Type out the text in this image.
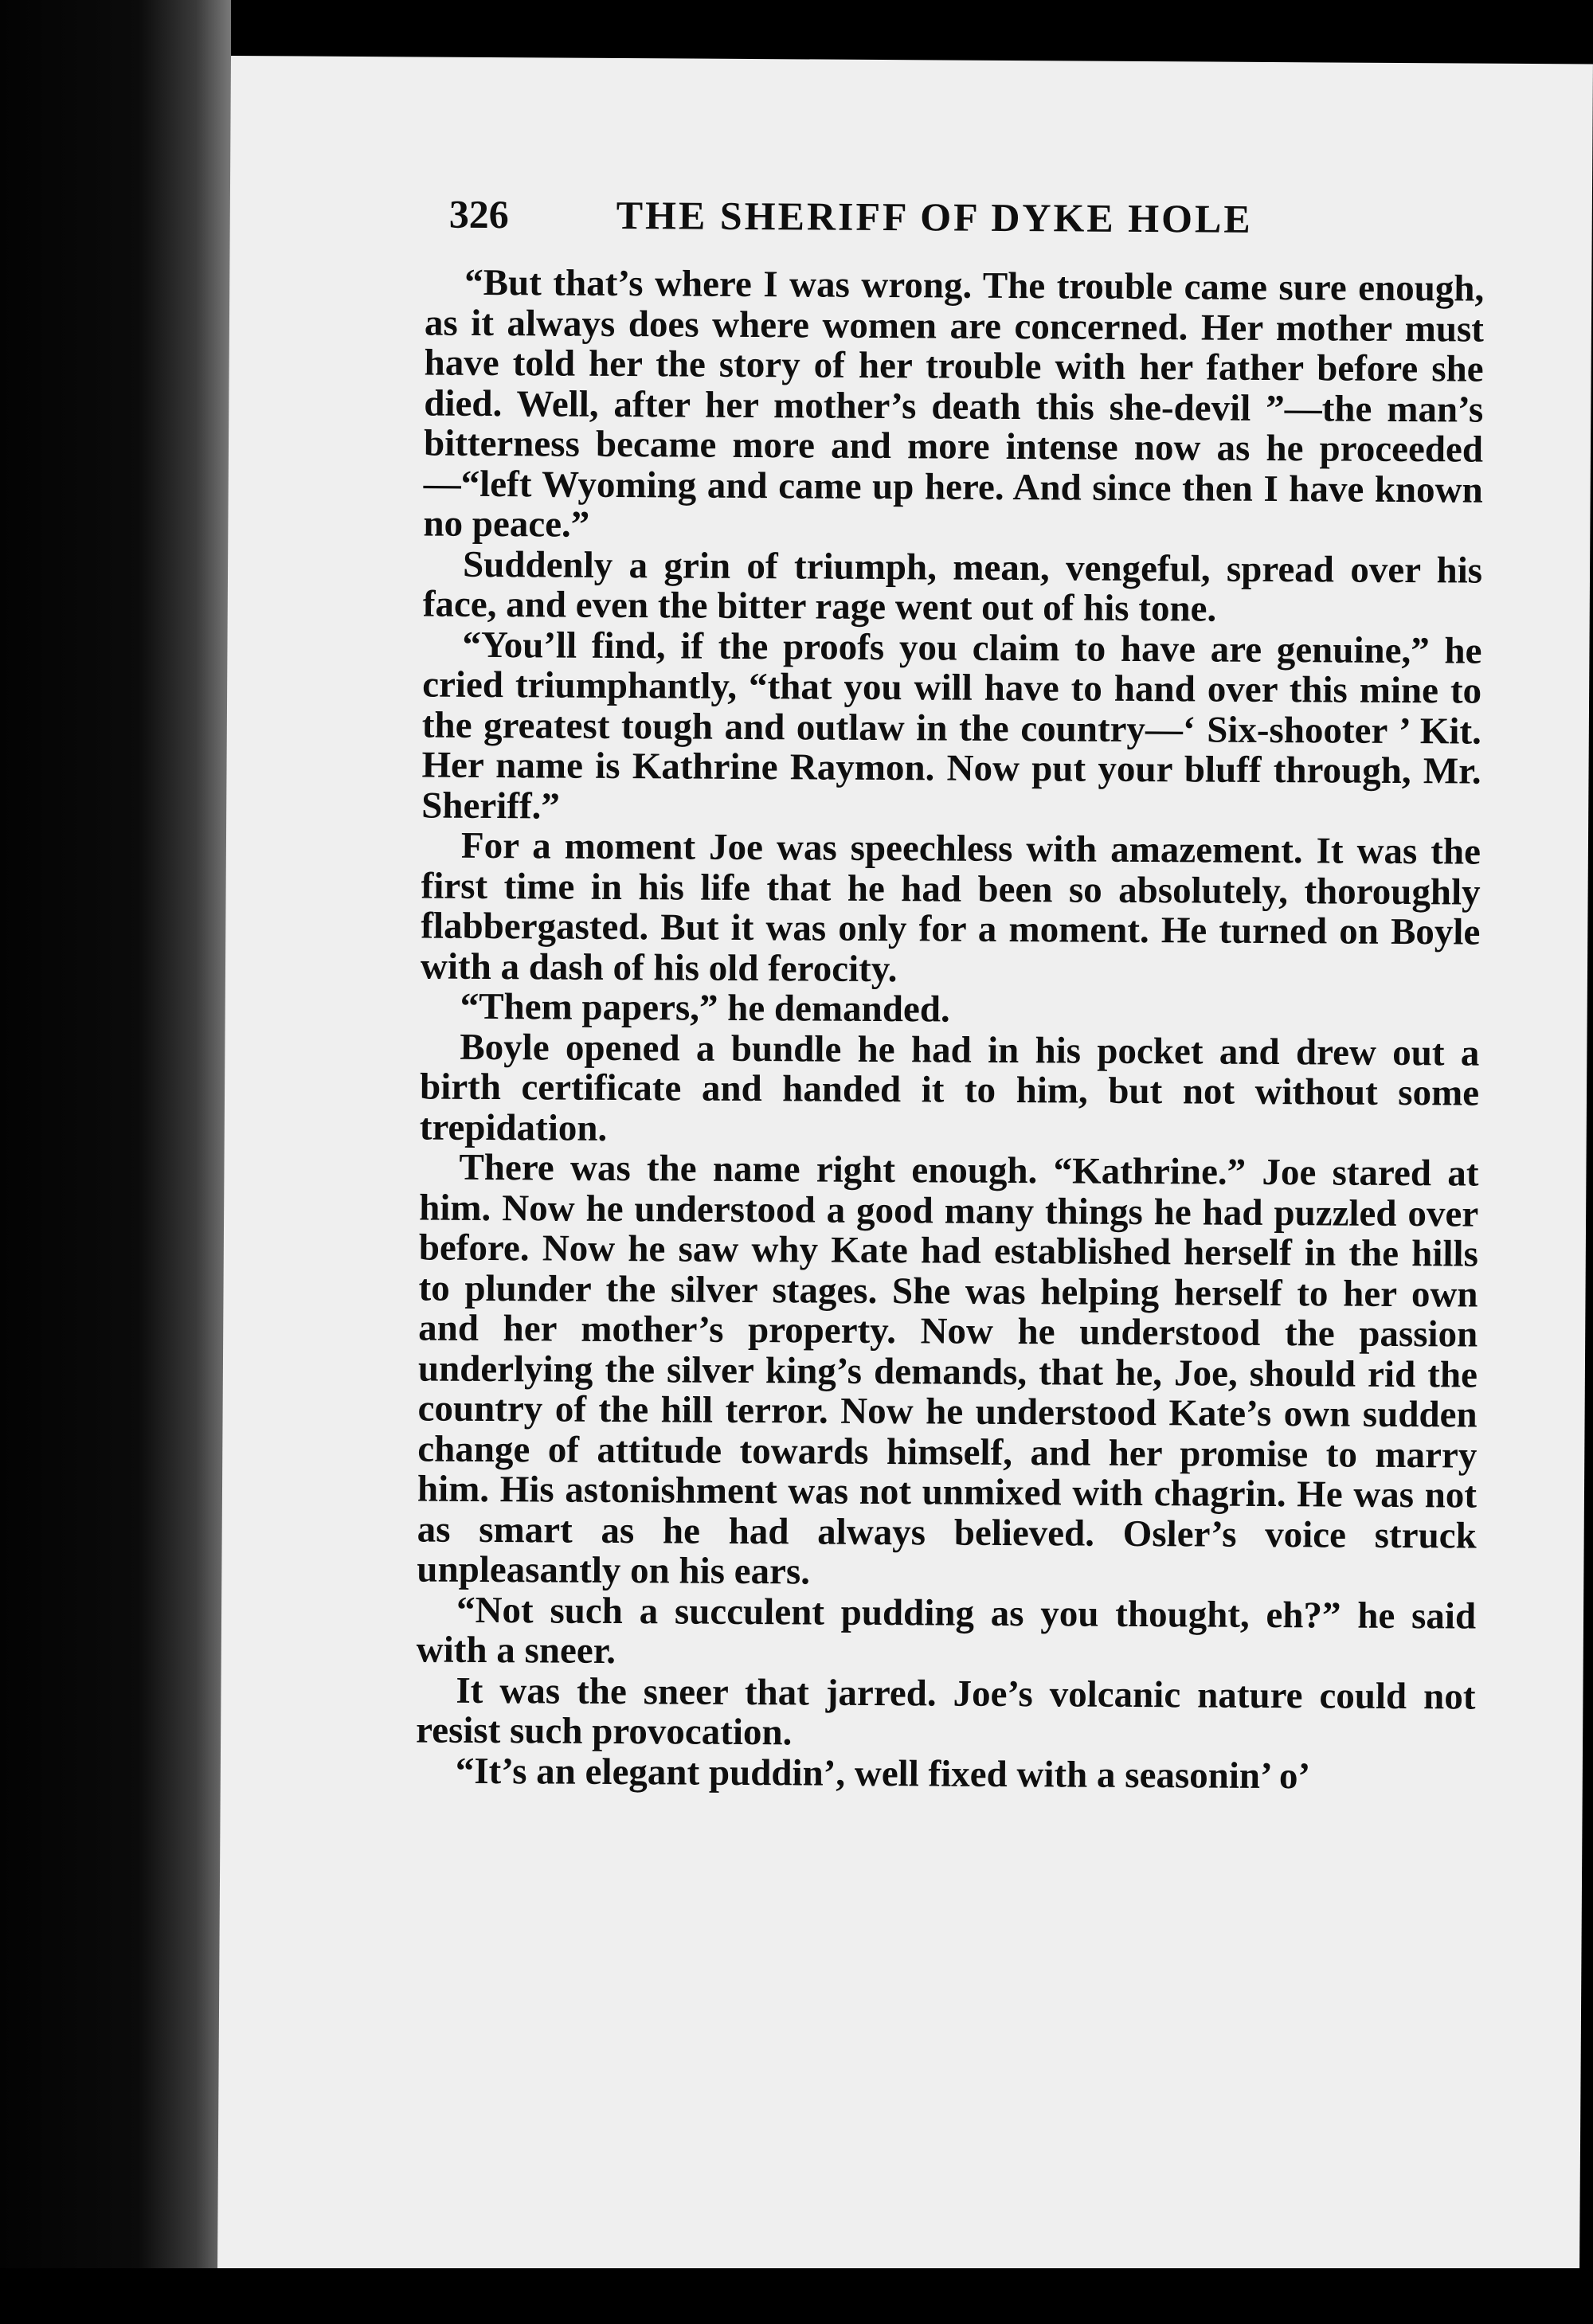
326	THE SHERIFF OF DYKE HOLE

“But that’s where I was wrong. The trouble came sure enough, as it always does where women are concerned. Her mother must have told her the story of her trouble with her father before she died. Well, after her mother’s death this she-devil ”—the man’s bitterness became more and more intense now as he proceeded—“left Wyoming and came up here. And since then I have known no peace.”

Suddenly a grin of triumph, mean, vengeful, spread over his face, and even the bitter rage went out of his tone.

“You’ll find, if the proofs you claim to have are genuine,” he cried triumphantly, “that you will have to hand over this mine to the greatest tough and outlaw in the country—‘ Six-shooter ’ Kit. Her name is Kathrine Raymon. Now put your bluff through, Mr. Sheriff.”

For a moment Joe was speechless with amazement. It was the first time in his life that he had been so absolutely, thoroughly flabbergasted. But it was only for a moment. He turned on Boyle with a dash of his old ferocity.

“Them papers,” he demanded.

Boyle opened a bundle he had in his pocket and drew out a birth certificate and handed it to him, but not without some trepidation.

There was the name right enough. “Kathrine.” Joe stared at him. Now he understood a good many things he had puzzled over before. Now he saw why Kate had established herself in the hills to plunder the silver stages. She was helping herself to her own and her mother’s property. Now he understood the passion underlying the silver king’s demands, that he, Joe, should rid the country of the hill terror. Now he understood Kate’s own sudden change of attitude towards himself, and her promise to marry him. His astonishment was not unmixed with chagrin. He was not as smart as he had always believed. Osler’s voice struck unpleasantly on his ears.

“Not such a succulent pudding as you thought, eh?” he said with a sneer.

It was the sneer that jarred. Joe’s volcanic nature could not resist such provocation.

“It’s an elegant puddin’, well fixed with a seasonin’ o’
